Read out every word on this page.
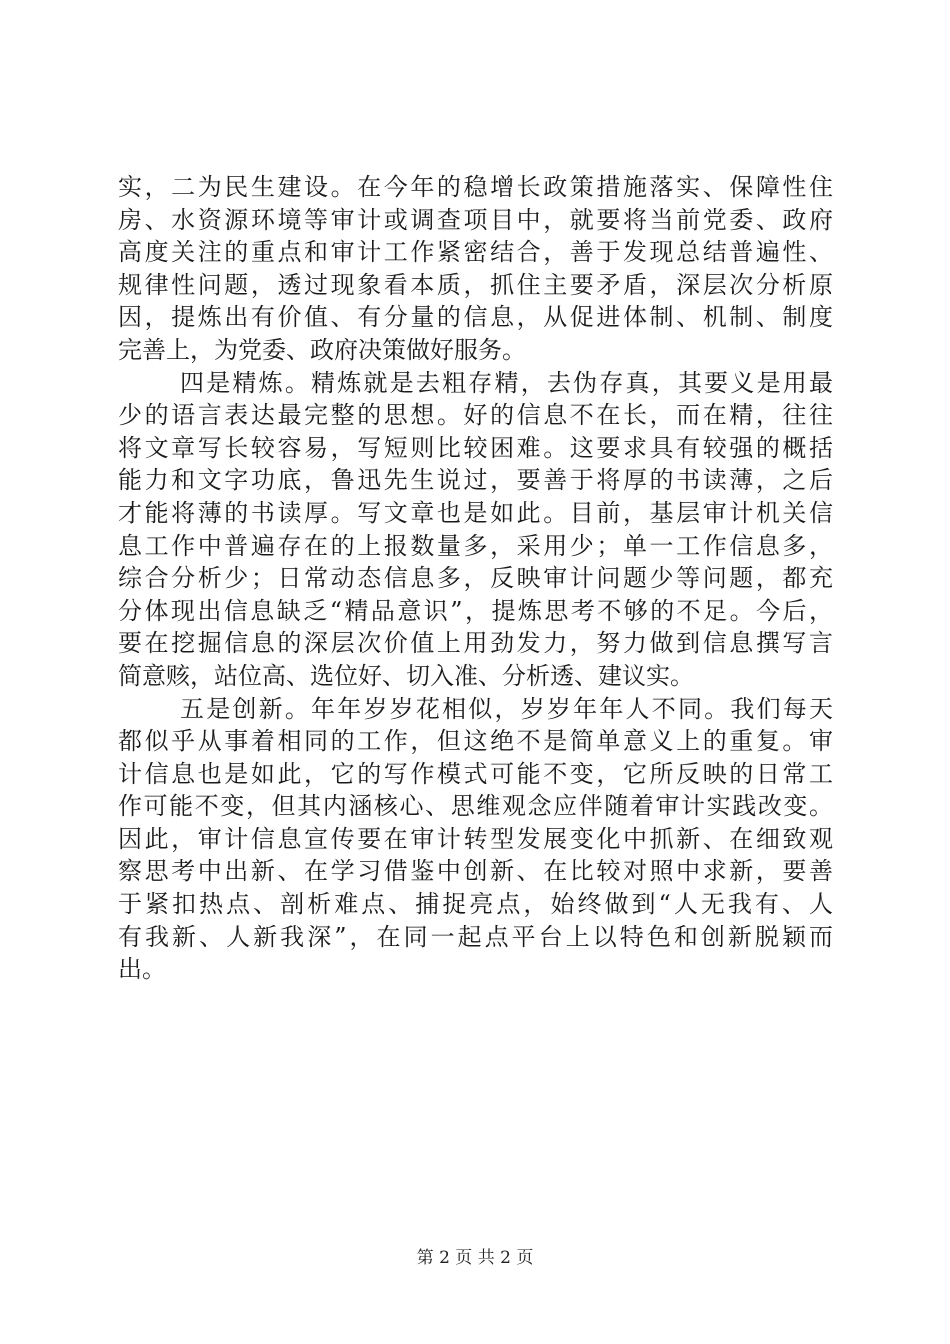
实，二为民生建设。在今年的稳增长政策措施落实、保障性住
房、水资源环境等审计或调查项目中，就要将当前党委、政府
高度关注的重点和审计工作紧密结合，善于发现总结普遍性、
规律性问题，透过现象看本质，抓住主要矛盾，深层次分析原
因，提炼出有价值、有分量的信息，从促进体制、机制、制度
完善上，为党委、政府决策做好服务。
四是精炼。精炼就是去粗存精，去伪存真，其要义是用最
少的语言表达最完整的思想。好的信息不在长，而在精，往往
将文章写长较容易，写短则比较困难。这要求具有较强的概括
能力和文字功底，鲁迅先生说过，要善于将厚的书读薄，之后
才能将薄的书读厚。写文章也是如此。目前，基层审计机关信
息工作中普遍存在的上报数量多，采用少；单一工作信息多，
综合分析少；日常动态信息多，反映审计问题少等问题，都充
分体现出信息缺乏“精品意识”，提炼思考不够的不足。今后，
要在挖掘信息的深层次价值上用劲发力，努力做到信息撰写言
简意赅，站位高、选位好、切入准、分析透、建议实。
五是创新。年年岁岁花相似，岁岁年年人不同。我们每天
都似乎从事着相同的工作，但这绝不是简单意义上的重复。审
计信息也是如此，它的写作模式可能不变，它所反映的日常工
作可能不变，但其内涵核心、思维观念应伴随着审计实践改变。
因此，审计信息宣传要在审计转型发展变化中抓新、在细致观
察思考中出新、在学习借鉴中创新、在比较对照中求新，要善
于紧扣热点、剖析难点、捕捉亮点，始终做到“人无我有、人
有我新、人新我深”，在同一起点平台上以特色和创新脱颖而
出。
第 2 页 共 2 页
